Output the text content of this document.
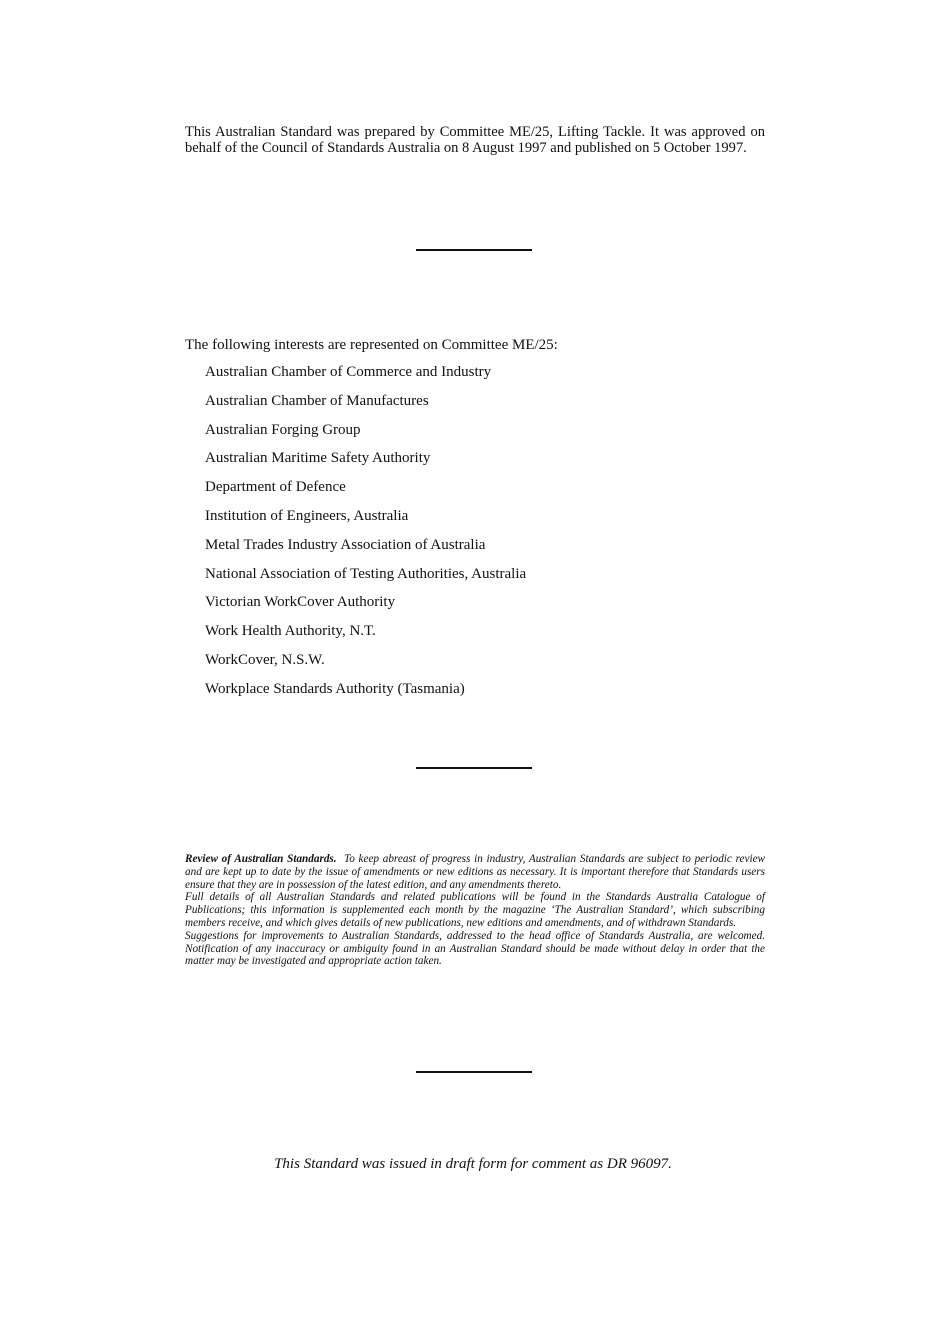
This Australian Standard was prepared by Committee ME/25, Lifting Tackle. It was approved on behalf of the Council of Standards Australia on 8 August 1997 and published on 5 October 1997.
The following interests are represented on Committee ME/25:
Australian Chamber of Commerce and Industry
Australian Chamber of Manufactures
Australian Forging Group
Australian Maritime Safety Authority
Department of Defence
Institution of Engineers, Australia
Metal Trades Industry Association of Australia
National Association of Testing Authorities, Australia
Victorian WorkCover Authority
Work Health Authority, N.T.
WorkCover, N.S.W.
Workplace Standards Authority (Tasmania)

Review of Australian Standards. To keep abreast of progress in industry, Australian Standards are subject to periodic review and are kept up to date by the issue of amendments or new editions as necessary. It is important therefore that Standards users ensure that they are in possession of the latest edition, and any amendments thereto.

Full details of all Australian Standards and related publications will be found in the Standards Australia Catalogue of Publications; this information is supplemented each month by the magazine ‘The Australian Standard’, which subscribing members receive, and which gives details of new publications, new editions and amendments, and of withdrawn Standards.

Suggestions for improvements to Australian Standards, addressed to the head office of Standards Australia, are welcomed. Notification of any inaccuracy or ambiguity found in an Australian Standard should be made without delay in order that the matter may be investigated and appropriate action taken.

This Standard was issued in draft form for comment as DR 96097.
